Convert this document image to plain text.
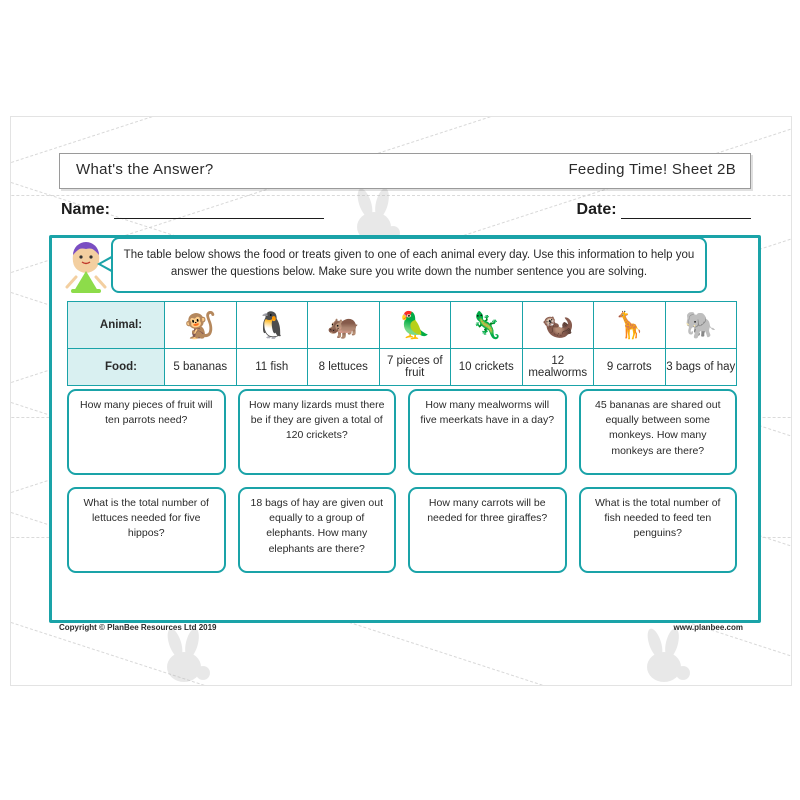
What's the Answer?	Feeding Time! Sheet 2B
Name:	Date:
The table below shows the food or treats given to one of each animal every day. Use this information to help you answer the questions below. Make sure you write down the number sentence you are solving.
Animal:	🐒	🐧	🦛	🦜	🦎	🦦	🦒	🐘
Food:	5 bananas	11 fish	8 lettuces	7 pieces of fruit	10 crickets	12 mealworms	9 carrots	3 bags of hay
How many pieces of fruit will ten parrots need?
How many lizards must there be if they are given a total of 120 crickets?
How many mealworms will five meerkats have in a day?
45 bananas are shared out equally between some monkeys. How many monkeys are there?
What is the total number of lettuces needed for five hippos?
18 bags of hay are given out equally to a group of elephants. How many elephants are there?
How many carrots will be needed for three giraffes?
What is the total number of fish needed to feed ten penguins?
Copyright © PlanBee Resources Ltd 2019	www.planbee.com
